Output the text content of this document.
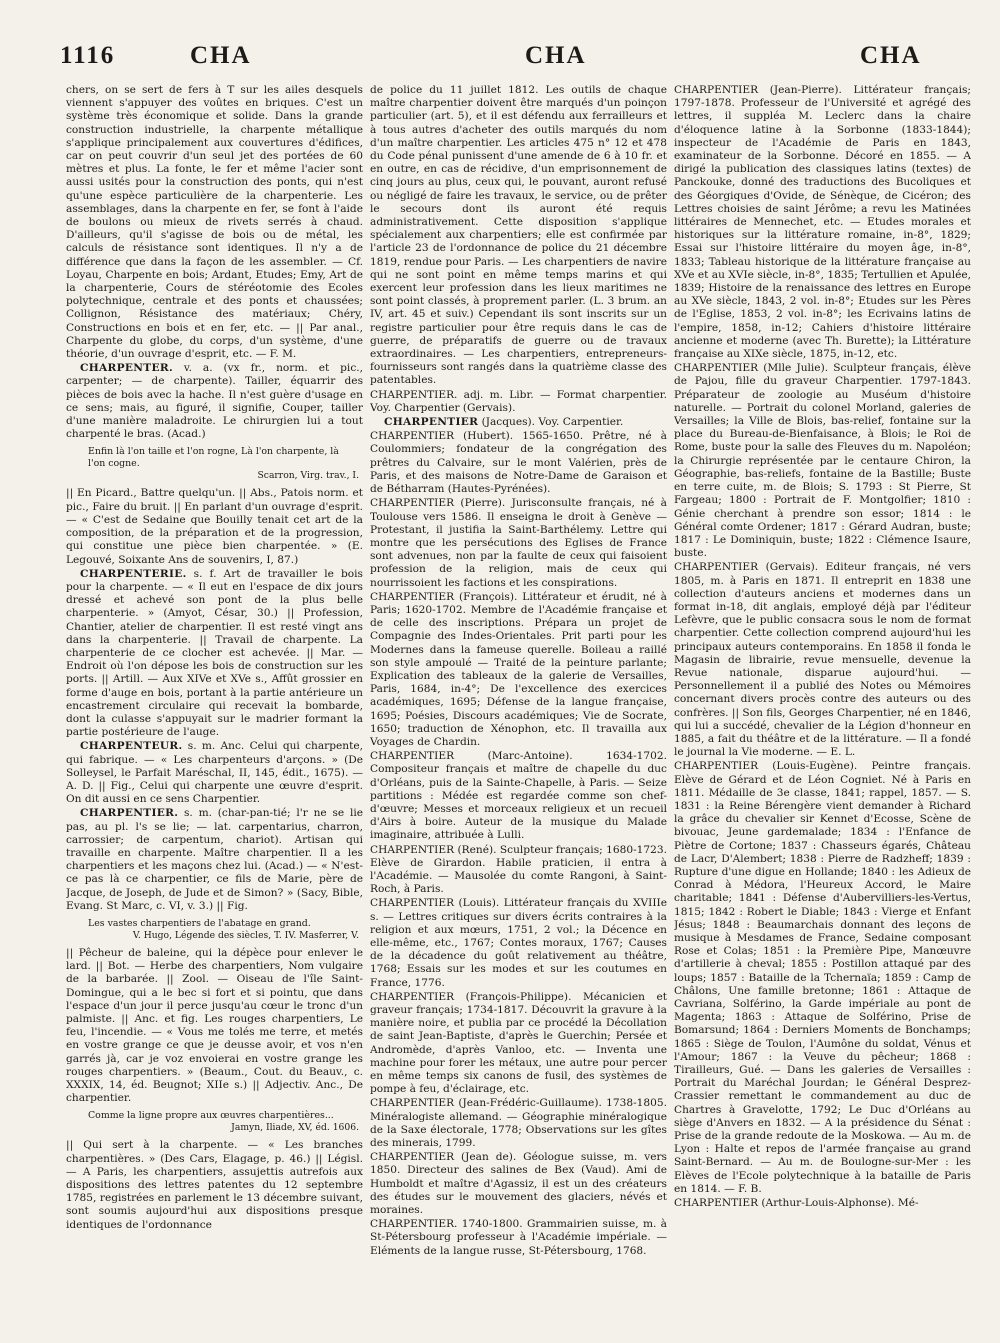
1116	CHA	CHA	CHA

chers, on se sert de fers à T sur les ailes desquels viennent s'appuyer des voûtes en briques. C'est un système très économique et solide. Dans la grande construction industrielle, la charpente métallique s'applique principalement aux couvertures d'édifices, car on peut couvrir d'un seul jet des portées de 60 mètres et plus. La fonte, le fer et même l'acier sont aussi usités pour la construction des ponts, qui n'est qu'une espèce particulière de la charpenterie. Les assemblages, dans la charpente en fer, se font à l'aide de boulons ou mieux de rivets serrés à chaud. D'ailleurs, qu'il s'agisse de bois ou de métal, les calculs de résistance sont identiques. Il n'y a de différence que dans la façon de les assembler. — Cf. Loyau, Charpente en bois; Ardant, Etudes; Emy, Art de la charpenterie, Cours de stéréotomie des Ecoles polytechnique, centrale et des ponts et chaussées; Collignon, Résistance des matériaux; Chéry, Constructions en bois et en fer, etc. — || Par anal., Charpente du globe, du corps, d'un système, d'une théorie, d'un ouvrage d'esprit, etc. — F. M.

CHARPENTER. v. a. (vx fr., norm. et pic., carpenter; — de charpente). Tailler, équarrir des pièces de bois avec la hache. Il n'est guère d'usage en ce sens; mais, au figuré, il signifie, Couper, tailler d'une manière maladroite. Le chirurgien lui a tout charpenté le bras. (Acad.)

Enfin là l'on taille et l'on rogne, Là l'on charpente, là l'on cogne.
Scarron, Virg. trav., I.

|| En Picard., Battre quelqu'un. || Abs., Patois norm. et pic., Faire du bruit. || En parlant d'un ouvrage d'esprit. — « C'est de Sedaine que Bouilly tenait cet art de la composition, de la préparation et de la progression, qui constitue une pièce bien charpentée. » (E. Legouvé, Soixante Ans de souvenirs, I, 87.)

CHARPENTERIE. s. f. Art de travailler le bois pour la charpente. — « Il eut en l'espace de dix jours dressé et achevé son pont de la plus belle charpenterie. » (Amyot, César, 30.) || Profession, Chantier, atelier de charpentier. Il est resté vingt ans dans la charpenterie. || Travail de charpente. La charpenterie de ce clocher est achevée. || Mar. — Endroit où l'on dépose les bois de construction sur les ports. || Artill. — Aux XIVe et XVe s., Affût grossier en forme d'auge en bois, portant à la partie antérieure un encastrement circulaire qui recevait la bombarde, dont la culasse s'appuyait sur le madrier formant la partie postérieure de l'auge.

CHARPENTEUR. s. m. Anc. Celui qui charpente, qui fabrique. — « Les charpenteurs d'arçons. » (De Solleysel, le Parfait Maréschal, II, 145, édit., 1675). — A. D. || Fig., Celui qui charpente une œuvre d'esprit. On dit aussi en ce sens Charpentier.

CHARPENTIER. s. m. (char-pan-tié; l'r ne se lie pas, au pl. l's se lie; — lat. carpentarius, charron, carrossier; de carpentum, chariot). Artisan qui travaille en charpente. Maître charpentier. Il a les charpentiers et les maçons chez lui. (Acad.) — « N'est-ce pas là ce charpentier, ce fils de Marie, père de Jacque, de Joseph, de Jude et de Simon? » (Sacy, Bible, Evang. St Marc, c. VI, v. 3.) || Fig.

Les vastes charpentiers de l'abatage en grand.
V. Hugo, Légende des siècles, T. IV. Masferrer, V.

|| Pêcheur de baleine, qui la dépèce pour enlever le lard. || Bot. — Herbe des charpentiers, Nom vulgaire de la barbarée. || Zool. — Oiseau de l'île Saint-Domingue, qui a le bec si fort et si pointu, que dans l'espace d'un jour il perce jusqu'au cœur le tronc d'un palmiste. || Anc. et fig. Les rouges charpentiers, Le feu, l'incendie. — « Vous me tolés me terre, et metés en vostre grange ce que je deusse avoir, et vos n'en garrés jà, car je voz envoierai en vostre grange les rouges charpentiers. » (Beaum., Cout. du Beauv., c. XXXIX, 14, éd. Beugnot; XIIe s.) || Adjectiv. Anc., De charpentier.

Comme la ligne propre aux œuvres charpentières...
Jamyn, Iliade, XV, éd. 1606.

|| Qui sert à la charpente. — « Les branches charpentières. » (Des Cars, Elagage, p. 46.) || Législ. — A Paris, les charpentiers, assujettis autrefois aux dispositions des lettres patentes du 12 septembre 1785, registrées en parlement le 13 décembre suivant, sont soumis aujourd'hui aux dispositions presque identiques de l'ordonnance

de police du 11 juillet 1812. Les outils de chaque maître charpentier doivent être marqués d'un poinçon particulier (art. 5), et il est défendu aux ferrailleurs et à tous autres d'acheter des outils marqués du nom d'un maître charpentier. Les articles 475 n° 12 et 478 du Code pénal punissent d'une amende de 6 à 10 fr. et en outre, en cas de récidive, d'un emprisonnement de cinq jours au plus, ceux qui, le pouvant, auront refusé ou négligé de faire les travaux, le service, ou de prêter le secours dont ils auront été requis administrativement. Cette disposition s'applique spécialement aux charpentiers; elle est confirmée par l'article 23 de l'ordonnance de police du 21 décembre 1819, rendue pour Paris. — Les charpentiers de navire qui ne sont point en même temps marins et qui exercent leur profession dans les lieux maritimes ne sont point classés, à proprement parler. (L. 3 brum. an IV, art. 45 et suiv.) Cependant ils sont inscrits sur un registre particulier pour être requis dans le cas de guerre, de préparatifs de guerre ou de travaux extraordinaires. — Les charpentiers, entrepreneurs-fournisseurs sont rangés dans la quatrième classe des patentables.

CHARPENTIER. adj. m. Libr. — Format charpentier. Voy. Charpentier (Gervais).

CHARPENTIER (Jacques). Voy. Carpentier.

CHARPENTIER (Hubert). 1565-1650. Prêtre, né à Coulommiers; fondateur de la congrégation des prêtres du Calvaire, sur le mont Valérien, près de Paris, et des maisons de Notre-Dame de Garaison et de Bétharram (Hautes-Pyrénées).

CHARPENTIER (Pierre). Jurisconsulte français, né à Toulouse vers 1586. Il enseigna le droit à Genève — Protestant, il justifia la Saint-Barthélemy. Lettre qui montre que les persécutions des Eglises de France sont advenues, non par la faulte de ceux qui faisoient profession de la religion, mais de ceux qui nourrissoient les factions et les conspirations.

CHARPENTIER (François). Littérateur et érudit, né à Paris; 1620-1702. Membre de l'Académie française et de celle des inscriptions. Prépara un projet de Compagnie des Indes-Orientales. Prit parti pour les Modernes dans la fameuse querelle. Boileau a raillé son style ampoulé — Traité de la peinture parlante; Explication des tableaux de la galerie de Versailles, Paris, 1684, in-4°; De l'excellence des exercices académiques, 1695; Défense de la langue française, 1695; Poésies, Discours académiques; Vie de Socrate, 1650; traduction de Xénophon, etc. Il travailla aux Voyages de Chardin.

CHARPENTIER (Marc-Antoine). 1634-1702. Compositeur français et maître de chapelle du duc d'Orléans, puis de la Sainte-Chapelle, à Paris. — Seize partitions : Médée est regardée comme son chef-d'œuvre; Messes et morceaux religieux et un recueil d'Airs à boire. Auteur de la musique du Malade imaginaire, attribuée à Lulli.

CHARPENTIER (René). Sculpteur français; 1680-1723. Elève de Girardon. Habile praticien, il entra à l'Académie. — Mausolée du comte Rangoni, à Saint-Roch, à Paris.

CHARPENTIER (Louis). Littérateur français du XVIIIe s. — Lettres critiques sur divers écrits contraires à la religion et aux mœurs, 1751, 2 vol.; la Décence en elle-même, etc., 1767; Contes moraux, 1767; Causes de la décadence du goût relativement au théâtre, 1768; Essais sur les modes et sur les coutumes en France, 1776.

CHARPENTIER (François-Philippe). Mécanicien et graveur français; 1734-1817. Découvrit la gravure à la manière noire, et publia par ce procédé la Décollation de saint Jean-Baptiste, d'après le Guerchin; Persée et Andromède, d'après Vanloo, etc. — Inventa une machine pour forer les métaux, une autre pour percer en même temps six canons de fusil, des systèmes de pompe à feu, d'éclairage, etc.

CHARPENTIER (Jean-Frédéric-Guillaume). 1738-1805. Minéralogiste allemand. — Géographie minéralogique de la Saxe électorale, 1778; Observations sur les gîtes des minerais, 1799.

CHARPENTIER (Jean de). Géologue suisse, m. vers 1850. Directeur des salines de Bex (Vaud). Ami de Humboldt et maître d'Agassiz, il est un des créateurs des études sur le mouvement des glaciers, névés et moraines.

CHARPENTIER. 1740-1800. Grammairien suisse, m. à St-Pétersbourg professeur à l'Académie impériale. — Eléments de la langue russe, St-Pétersbourg, 1768.

CHARPENTIER (Jean-Pierre). Littérateur français; 1797-1878. Professeur de l'Université et agrégé des lettres, il suppléa M. Leclerc dans la chaire d'éloquence latine à la Sorbonne (1833-1844); inspecteur de l'Académie de Paris en 1843, examinateur de la Sorbonne. Décoré en 1855. — A dirigé la publication des classiques latins (textes) de Panckouke, donné des traductions des Bucoliques et des Géorgiques d'Ovide, de Sénèque, de Cicéron; des Lettres choisies de saint Jérôme; a revu les Matinées littéraires de Mennechet, etc. — Etudes morales et historiques sur la littérature romaine, in-8°, 1829; Essai sur l'histoire littéraire du moyen âge, in-8°, 1833; Tableau historique de la littérature française au XVe et au XVIe siècle, in-8°, 1835; Tertullien et Apulée, 1839; Histoire de la renaissance des lettres en Europe au XVe siècle, 1843, 2 vol. in-8°; Etudes sur les Pères de l'Eglise, 1853, 2 vol. in-8°; les Ecrivains latins de l'empire, 1858, in-12; Cahiers d'histoire littéraire ancienne et moderne (avec Th. Burette); la Littérature française au XIXe siècle, 1875, in-12, etc.

CHARPENTIER (Mlle Julie). Sculpteur français, élève de Pajou, fille du graveur Charpentier. 1797-1843. Préparateur de zoologie au Muséum d'histoire naturelle. — Portrait du colonel Morland, galeries de Versailles; la Ville de Blois, bas-relief, fontaine sur la place du Bureau-de-Bienfaisance, à Blois; le Roi de Rome, buste pour la salle des Fleuves du m. Napoléon; la Chirurgie représentée par le centaure Chiron, la Géographie, bas-reliefs, fontaine de la Bastille; Buste en terre cuite, m. de Blois; S. 1793 : St Pierre, St Fargeau; 1800 : Portrait de F. Montgolfier; 1810 : Génie cherchant à prendre son essor; 1814 : le Général comte Ordener; 1817 : Gérard Audran, buste; 1817 : Le Dominiquin, buste; 1822 : Clémence Isaure, buste.

CHARPENTIER (Gervais). Editeur français, né vers 1805, m. à Paris en 1871. Il entreprit en 1838 une collection d'auteurs anciens et modernes dans un format in-18, dit anglais, employé déjà par l'éditeur Lefèvre, que le public consacra sous le nom de format charpentier. Cette collection comprend aujourd'hui les principaux auteurs contemporains. En 1858 il fonda le Magasin de librairie, revue mensuelle, devenue la Revue nationale, disparue aujourd'hui. — Personnellement il a publié des Notes ou Mémoires concernant divers procès contre des auteurs ou des confrères. || Son fils, Georges Charpentier, né en 1846, qui lui a succédé, chevalier de la Légion d'honneur en 1885, a fait du théâtre et de la littérature. — Il a fondé le journal la Vie moderne. — E. L.

CHARPENTIER (Louis-Eugène). Peintre français. Elève de Gérard et de Léon Cogniet. Né à Paris en 1811. Médaille de 3e classe, 1841; rappel, 1857. — S. 1831 : la Reine Bérengère vient demander à Richard la grâce du chevalier sir Kennet d'Ecosse, Scène de bivouac, Jeune gardemalade; 1834 : l'Enfance de Piètre de Cortone; 1837 : Chasseurs égarés, Château de Lacr, D'Alembert; 1838 : Pierre de Radzheff; 1839 : Rupture d'une digue en Hollande; 1840 : les Adieux de Conrad à Médora, l'Heureux Accord, le Maire charitable; 1841 : Défense d'Aubervilliers-les-Vertus, 1815; 1842 : Robert le Diable; 1843 : Vierge et Enfant Jésus; 1848 : Beaumarchais donnant des leçons de musique à Mesdames de France, Sedaine composant Rose et Colas; 1851 : la Première Pipe, Manœuvre d'artillerie à cheval; 1855 : Postillon attaqué par des loups; 1857 : Bataille de la Tchernaïa; 1859 : Camp de Châlons, Une famille bretonne; 1861 : Attaque de Cavriana, Solférino, la Garde impériale au pont de Magenta; 1863 : Attaque de Solférino, Prise de Bomarsund; 1864 : Derniers Moments de Bonchamps; 1865 : Siège de Toulon, l'Aumône du soldat, Vénus et l'Amour; 1867 : la Veuve du pêcheur; 1868 : Tirailleurs, Gué. — Dans les galeries de Versailles : Portrait du Maréchal Jourdan; le Général Desprez-Crassier remettant le commandement au duc de Chartres à Gravelotte, 1792; Le Duc d'Orléans au siège d'Anvers en 1832. — A la présidence du Sénat : Prise de la grande redoute de la Moskowa. — Au m. de Lyon : Halte et repos de l'armée française au grand Saint-Bernard. — Au m. de Boulogne-sur-Mer : les Elèves de l'Ecole polytechnique à la bataille de Paris en 1814. — F. B.

CHARPENTIER (Arthur-Louis-Alphonse). Mé-
